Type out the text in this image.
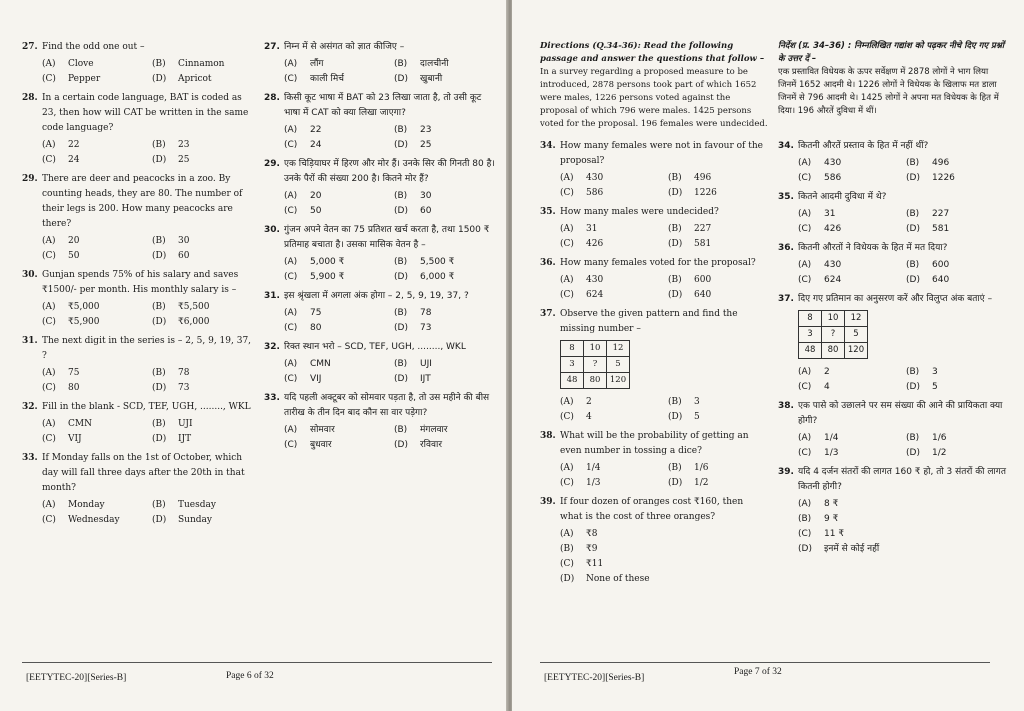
27. Find the odd one out –
(A) Clove	(B) Cinnamon
(C) Pepper	(D) Apricot
28. In a certain code language, BAT is coded as 23, then how will CAT be written in the same code language?
(A) 22	(B) 23
(C) 24	(D) 25
29. There are deer and peacocks in a zoo. By counting heads, they are 80. The number of their legs is 200. How many peacocks are there?
(A) 20	(B) 30
(C) 50	(D) 60
30. Gunjan spends 75% of his salary and saves ₹1500/- per month. His monthly salary is –
(A) ₹5,000	(B) ₹5,500
(C) ₹5,900	(D) ₹6,000
31. The next digit in the series is – 2, 5, 9, 19, 37, ?
(A) 75	(B) 78
(C) 80	(D) 73
32. Fill in the blank - SCD, TEF, UGH, ........, WKL
(A) CMN	(B) UJI
(C) VIJ	(D) IJT
33. If Monday falls on the 1st of October, which day will fall three days after the 20th in that month?
(A) Monday	(B) Tuesday
(C) Wednesday	(D) Sunday
27. निम्न में से असंगत को ज्ञात कीजिए –
(A) लौंग	(B) दालचीनी
(C) काली मिर्च	(D) खुबानी
28. किसी कूट भाषा में BAT को 23 लिखा जाता है, तो उसी कूट भाषा में CAT को क्या लिखा जाएगा?
(A) 22	(B) 23
(C) 24	(D) 25
29. एक चिड़ियाघर में हिरण और मोर हैं। उनके सिर की गिनती 80 है। उनके पैरों की संख्या 200 है। कितने मोर हैं?
(A) 20	(B) 30
(C) 50	(D) 60
30. गुंजन अपने वेतन का 75 प्रतिशत खर्च करता है, तथा 1500 ₹ प्रतिमाह बचाता है। उसका मासिक वेतन है –
(A) 5,000 ₹	(B) 5,500 ₹
(C) 5,900 ₹	(D) 6,000 ₹
31. इस श्रृंखला में अगला अंक होगा – 2, 5, 9, 19, 37, ?
(A) 75	(B) 78
(C) 80	(D) 73
32. रिक्त स्थान भरो – SCD, TEF, UGH, ........, WKL
(A) CMN	(B) UJI
(C) VIJ	(D) IJT
33. यदि पहली अक्टूबर को सोमवार पड़ता है, तो उस महीने की बीस तारीख के तीन दिन बाद कौन सा वार पड़ेगा?
(A) सोमवार	(B) मंगलवार
(C) बुधवार	(D) रविवार
[EETYTEC-20][Series-B]	Page 6 of 32
Directions (Q.34-36): Read the following passage and answer the questions that follow –
In a survey regarding a proposed measure to be introduced, 2878 persons took part of which 1652 were males, 1226 persons voted against the proposal of which 796 were males. 1425 persons voted for the proposal. 196 females were undecided.
निर्देश (प्र. 34–36) : निम्नलिखित गद्यांश को पढ़कर नीचे दिए गए प्रश्नों के उत्तर दें –
एक प्रस्तावित विधेयक के ऊपर सर्वेक्षण में 2878 लोगों ने भाग लिया जिनमें 1652 आदमी थे। 1226 लोगों ने विधेयक के खिलाफ मत डाला जिनमें से 796 आदमी थे। 1425 लोगों ने अपना मत विधेयक के हित में दिया। 196 औरतें दुविधा में थीं।
34. How many females were not in favour of the proposal?
(A) 430	(B) 496
(C) 586	(D) 1226
35. How many males were undecided?
(A) 31	(B) 227
(C) 426	(D) 581
36. How many females voted for the proposal?
(A) 430	(B) 600
(C) 624	(D) 640
37. Observe the given pattern and find the missing number –
8	10	12
3	?	5
48	80	120
(A) 2	(B) 3
(C) 4	(D) 5
38. What will be the probability of getting an even number in tossing a dice?
(A) 1/4	(B) 1/6
(C) 1/3	(D) 1/2
39. If four dozen of oranges cost ₹160, then what is the cost of three oranges?
(A) ₹8
(B) ₹9
(C) ₹11
(D) None of these
34. कितनी औरतें प्रस्ताव के हित में नहीं थीं?
(A) 430	(B) 496
(C) 586	(D) 1226
35. कितने आदमी दुविधा में थे?
(A) 31	(B) 227
(C) 426	(D) 581
36. कितनी औरतों ने विधेयक के हित में मत दिया?
(A) 430	(B) 600
(C) 624	(D) 640
37. दिए गए प्रतिमान का अनुसरण करें और विलुप्त अंक बताएं –
8	10	12
3	?	5
48	80	120
(A) 2	(B) 3
(C) 4	(D) 5
38. एक पासे को उछालने पर सम संख्या की आने की प्रायिकता क्या होगी?
(A) 1/4	(B) 1/6
(C) 1/3	(D) 1/2
39. यदि 4 दर्जन संतरों की लागत 160 ₹ हो, तो 3 संतरों की लागत कितनी होगी?
(A) 8 ₹
(B) 9 ₹
(C) 11 ₹
(D) इनमें से कोई नहीं
[EETYTEC-20][Series-B]
Page 7 of 32
